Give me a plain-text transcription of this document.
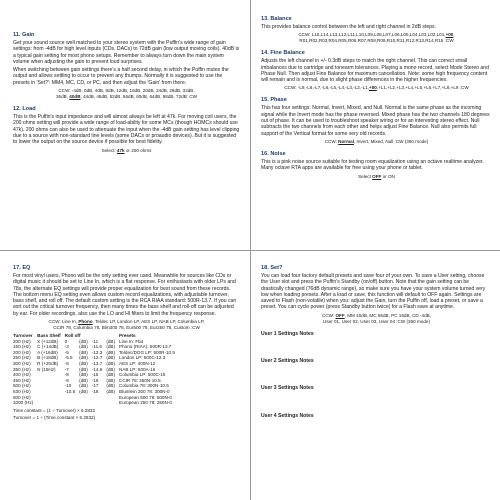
11. Gain
Get your sound source well matched to your stereo system with the Puffin's wide range of gain settings: from -4dB for high level inputs (CDs, DACs) to 72dB gain (low output moving coils). 40dB is a typical gain setting for most phono setups. Remember to always turn down the main system volume when adjusting the gain to prevent loud surprises.
When switching between gain settings there's a half second delay, in which the Puffin mutes the output and allows settling to occur to prevent any thumps. Normally it is suggested to use the presets in 'Set?': MM4, MC, CD, or PC, and then adjust the 'Gain' from there.
CCW: -4dB, 0dB, 4dB, 8dB, 12dB, 16dB, 20dB, 24dB, 28dB, 32dB,
36dB, 40dB, 44dB, 48dB, 52dB, 56dB, 60dB, 64dB, 68dB, 72dB: CW
12. Load
This is the Puffin's input impedance and will almost always be left at 47k. For moving coil users, the 200 ohms setting will provide a wide range of load-ability for some MCs (though HOMCs should use 47k). 200 ohms can also be used to attenuate the input when the -4dB gain setting has level clipping due to a source with non-standard line levels (some DACs or proaudio devices). But it is suggested to lower the output on the source device if possible for best fidelity.
Select: 47k or 200 ohms
13. Balance
This provides balance control between the left and right channel in 2dB steps.
CCW: L15,L14,L13,L12,L11,L10,L09,L08,L07,L06,L05,L04,L03,L02,L01,+00,
R01,R02,R03,R04,R05,R06,R07,R08,R09,R10,R11,R12,R13,R14,R15 :CW
14. Fine Balance
Adjusts the left channel in +/- 0.3dB steps to match the right channel. This can correct small imbalances due to cartridge and tonearm tolerances. Playing a mono record, select Mode Stereo and Phase Null. Then adjust Fine Balance for maximum cancellation. Note: some high frequency content will remain and is normal, due to slight phase differences in the higher frequencies.
CCW: -L9,-L8,-L7,-L6,-L5,-L4,-L3,-L2,-L1,+00,+L1,+L2,+L3,+L4,+L5,+L6,+L7,+L8,+L9 :CW
15. Phase
This has four settings: Normal, Invert, Mixed, and Null. Normal is the same phase as the incoming signal while the Invert mode has the phase reversed. Mixed phase has the two channels 180 degrees out of phase. It can be used to troubleshoot speaker wiring or for an interesting stereo effect. Null subtracts the two channels from each other and helps adjust Fine Balance. Null also permits full support of the Vertical format for some very old records.
CCW: Normal, Invert, Mixed, Null :CW (360 mode)
16. Noise
This is a pink noise source suitable for testing room equalization using an octave realtime analyzer. Many octave RTA apps are available for free using your phone or tablet.
Select OFF or ON
17. EQ
For most vinyl users, Phono will be the only setting ever used. Meanwhile for sources like CDs or digital music it should be set to Line In, which is a flat response. For enthusiasts with older LPs and 78s, the alternate EQ settings will provide proper equalization for best sound from these records. The bottom menu EQ setting even allows custom record equalizations, with adjustable turnover, bass shelf, and roll off. The default custom setting is the RCA RIAA standard: 500R-13.7. If you can sort out the critical turnover frequency, then many times the bass shelf and roll-off can be adjusted by ear. For older recordings, also use the LO and HI filters to limit the frequency response.
CCW: Line In, Phono, Teldec LP, London LP, AES LP, NAB LP, Columbia LP,
CCIR 78, Columbia 78, Blm300 78, Eur500 78, Eur250 78, Custom :CW
Turnover	Bass Shelf	Roll off				Presets
200 (Hz)	X (+12dB)	0	(dB)	-11	(dB)	Line In: Flat
150 (Hz)	C (+14dB)	-3	(dB)	-11.6	(dB)	Phono (RIAA): 500R-13.7
200 (Hz)	A (+16dB)	-5	(dB)	-12.3	(dB)	Teldec/DGG LP: 500R-10.5
250 (Hz)	B (+18dB)	-5.5	(dB)	-12.7	(dB)	London LP: 500C-12.3
300 (Hz)	R (+20dB)	-6	(dB)	-13.7	(dB)	AES LP: 400N-12
350 (Hz)	N (15Hz)	-7	(dB)	-14.6	(dB)	NAB LP: 500A-16
400 (Hz)		-8	(dB)	-15	(dB)	Columbia LP: 500C-16
450 (Hz)		-9	(dB)	-16	(dB)	CCIR 78: 350N-10.5
500 (Hz)		-10	(dB)	-17	(dB)	Columbia 78: 300N-10.5
630 (Hz)		-10.5	(dB)	-18	(dB)	Blumlein 300 78: 300N-0
800 (Hz)						European 500 78: 500N-0
1000 (Hz)						European 250 78: 250N-0
Time constant = (1 ÷ Turnover) × 6.2832
Turnover = 1 ÷ (Time constant × 6.2832)
18. Set?
You can load four factory default presets and save four of your own. To save a User setting, choose the User slot and press the Puffin's Standby (on/off) button. Note that the gain setting can be drastically changed (76dB dynamic range), so make sure you have your system volume turned very low when loading presets. After a load or save, this function will default to OFF again. Settings are saved to Flash (non-volatile) when you: adjust the Gain, turn the Puffin off, load a preset, or save a preset. You can cycle power (press Standby button twice) for a Flash save at anytime.
CCW: OFF, MM 40dB, MC 56dB, PC 16dB, CD -4dB,
User 01, User 02, User 03, User 04 :CW (360 mode)
User 1 Settings Notes
User 2 Settings Notes
User 3 Settings Notes
User 4 Settings Notes
